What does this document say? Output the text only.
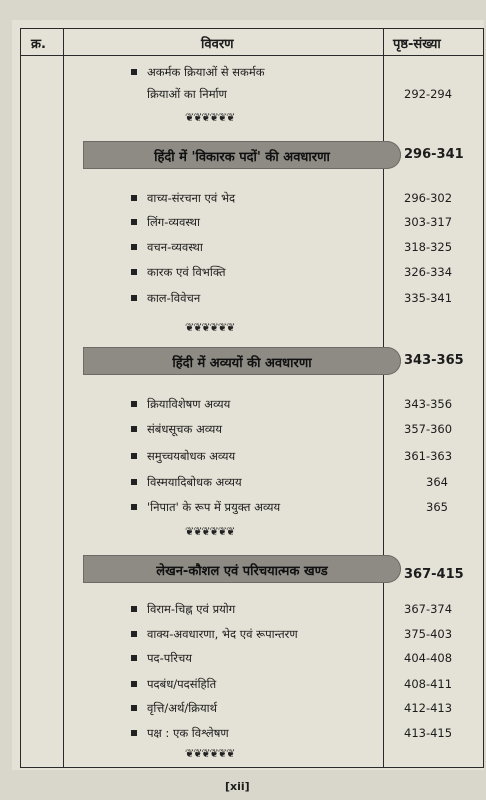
क्र.	विवरण	पृष्ठ-संख्या
अकर्मक क्रियाओं से सकर्मक
क्रियाओं का निर्माण	292-294
❦❦❦❦❦❦
हिंदी में 'विकारक पदों' की अवधारणा	296-341
वाच्य-संरचना एवं भेद	296-302
लिंग-व्यवस्था	303-317
वचन-व्यवस्था	318-325
कारक एवं विभक्ति	326-334
काल-विवेचन	335-341
❦❦❦❦❦❦
हिंदी में अव्ययों की अवधारणा	343-365
क्रियाविशेषण अव्यय	343-356
संबंधसूचक अव्यय	357-360
समुच्चयबोधक अव्यय	361-363
विस्मयादिबोधक अव्यय	364
'निपात' के रूप में प्रयुक्त अव्यय	365
❦❦❦❦❦❦
लेखन-कौशल एवं परिचयात्मक खण्ड	367-415
विराम-चिह्न एवं प्रयोग	367-374
वाक्य-अवधारणा, भेद एवं रूपान्तरण	375-403
पद-परिचय	404-408
पदबंध/पदसंहिति	408-411
वृत्ति/अर्थ/क्रियार्थ	412-413
पक्ष : एक विश्लेषण	413-415
❦❦❦❦❦❦
[xii]
